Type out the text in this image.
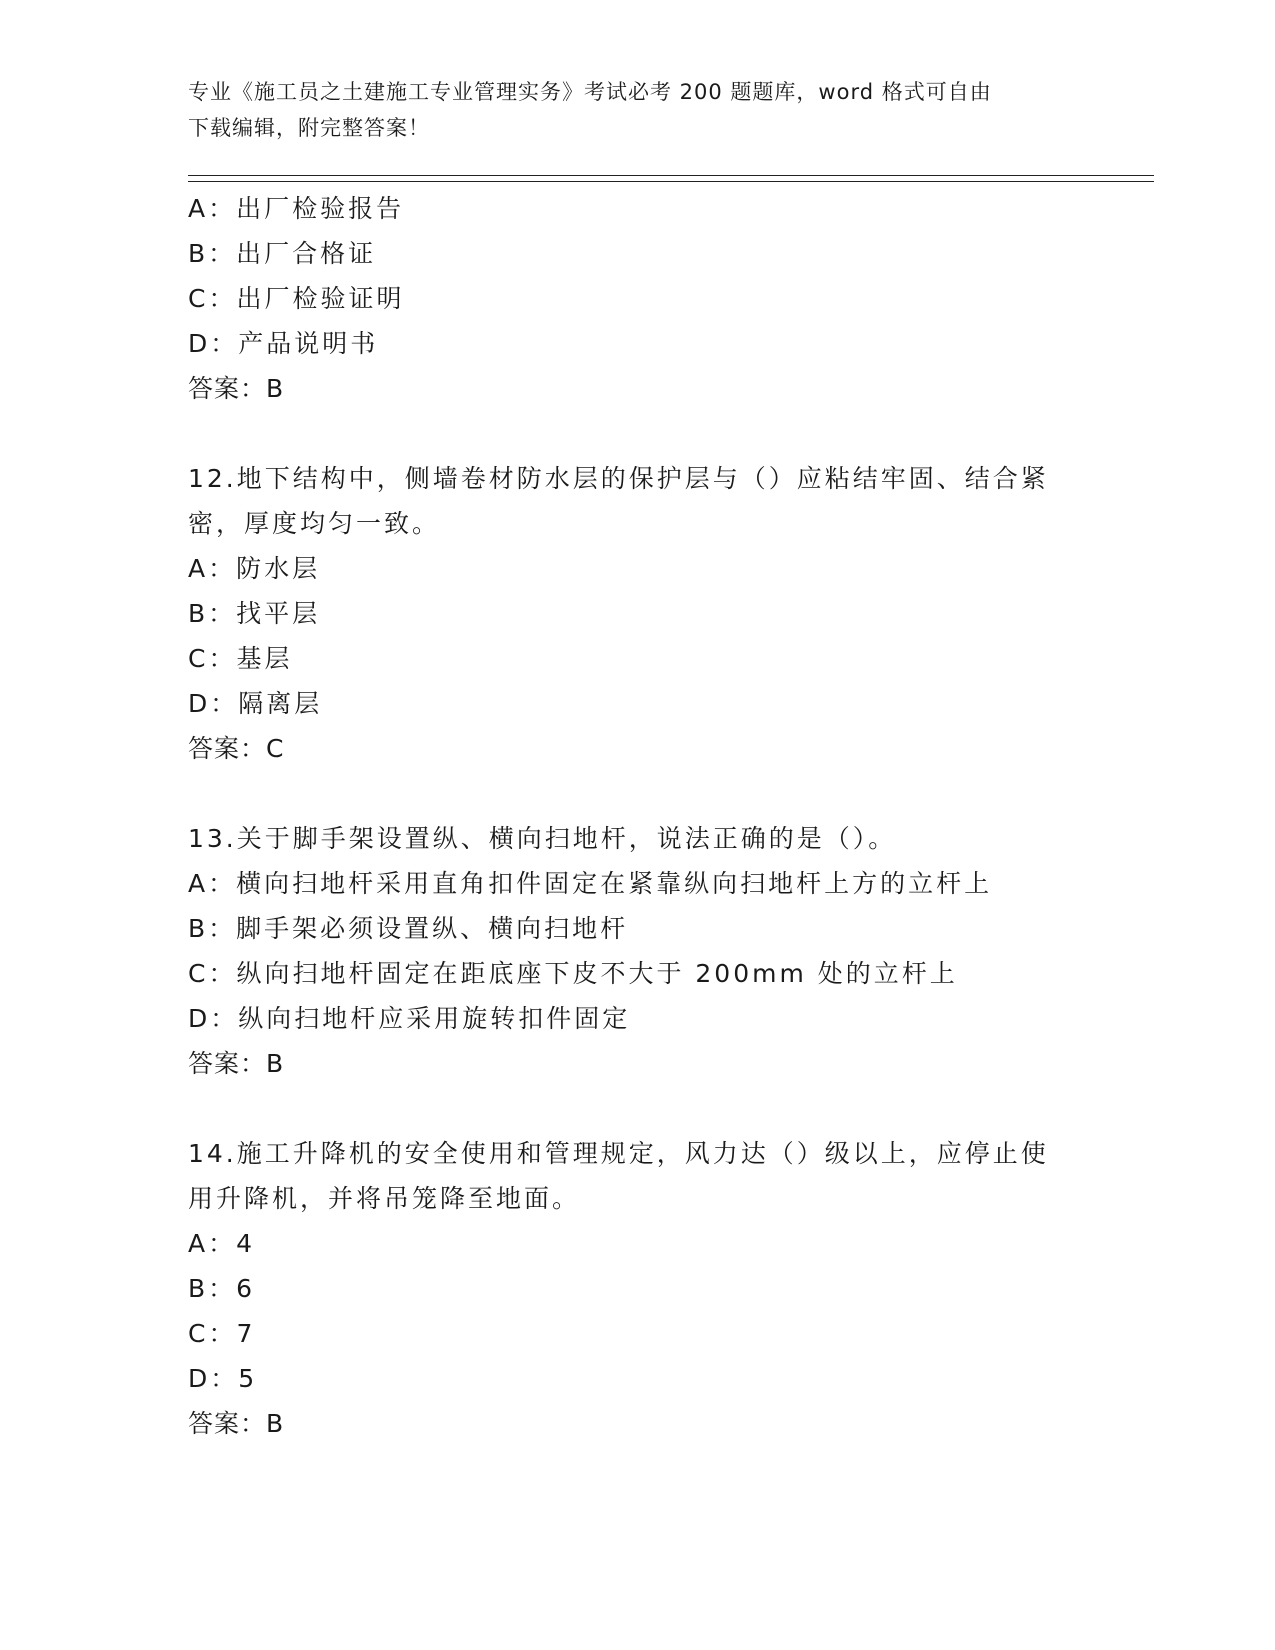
专业《施工员之土建施工专业管理实务》考试必考 200 题题库，word 格式可自由
下载编辑，附完整答案！
A：出厂检验报告
B：出厂合格证
C：出厂检验证明
D：产品说明书
答案：B
12.地下结构中，侧墙卷材防水层的保护层与（）应粘结牢固、结合紧
密，厚度均匀一致。
A：防水层
B：找平层
C：基层
D：隔离层
答案：C
13.关于脚手架设置纵、横向扫地杆，说法正确的是（）。
A：横向扫地杆采用直角扣件固定在紧靠纵向扫地杆上方的立杆上
B：脚手架必须设置纵、横向扫地杆
C：纵向扫地杆固定在距底座下皮不大于 200mm 处的立杆上
D：纵向扫地杆应采用旋转扣件固定
答案：B
14.施工升降机的安全使用和管理规定，风力达（）级以上，应停止使
用升降机，并将吊笼降至地面。
A：4
B：6
C：7
D：5
答案：B
